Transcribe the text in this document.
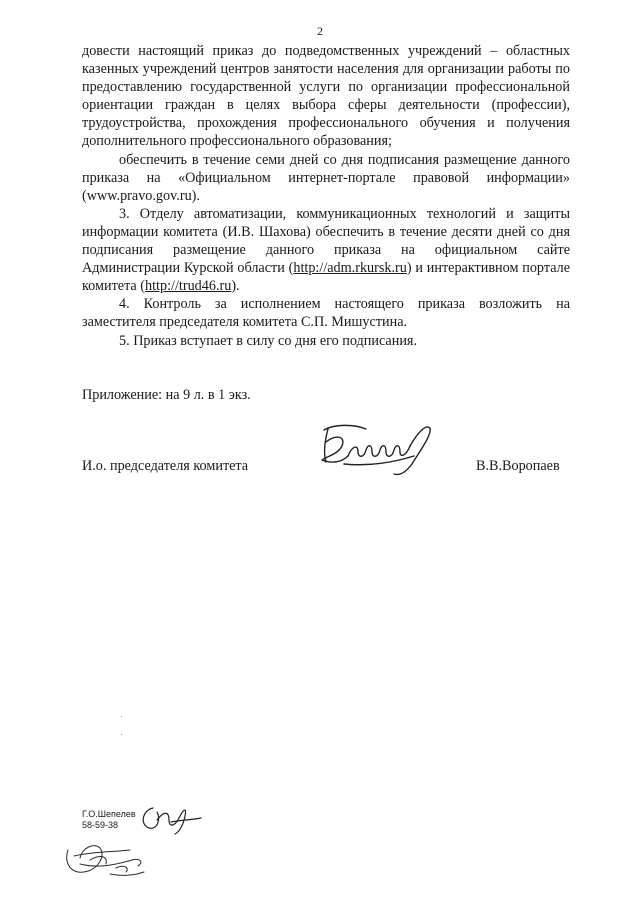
2

довести настоящий приказ до подведомственных учреждений – областных казенных учреждений центров занятости населения для организации работы по предоставлению государственной услуги по организации профессиональной ориентации граждан в целях выбора сферы деятельности (профессии), трудоустройства, прохождения профессионального обучения и получения дополнительного профессионального образования;

обеспечить в течение семи дней со дня подписания размещение данного приказа на «Официальном интернет-портале правовой информации» (www.pravo.gov.ru).

3. Отделу автоматизации, коммуникационных технологий и защиты информации комитета (И.В. Шахова) обеспечить в течение десяти дней со дня подписания размещение данного приказа на официальном сайте Администрации Курской области (http://adm.rkursk.ru) и интерактивном портале комитета (http://trud46.ru).

4. Контроль за исполнением настоящего приказа возложить на заместителя председателя комитета С.П. Мишустина.

5. Приказ вступает в силу со дня его подписания.

Приложение: на 9 л. в 1 экз.
И.о. председателя комитета	В.В.Воропаев
Г.О.Шепелев
58-59-38
